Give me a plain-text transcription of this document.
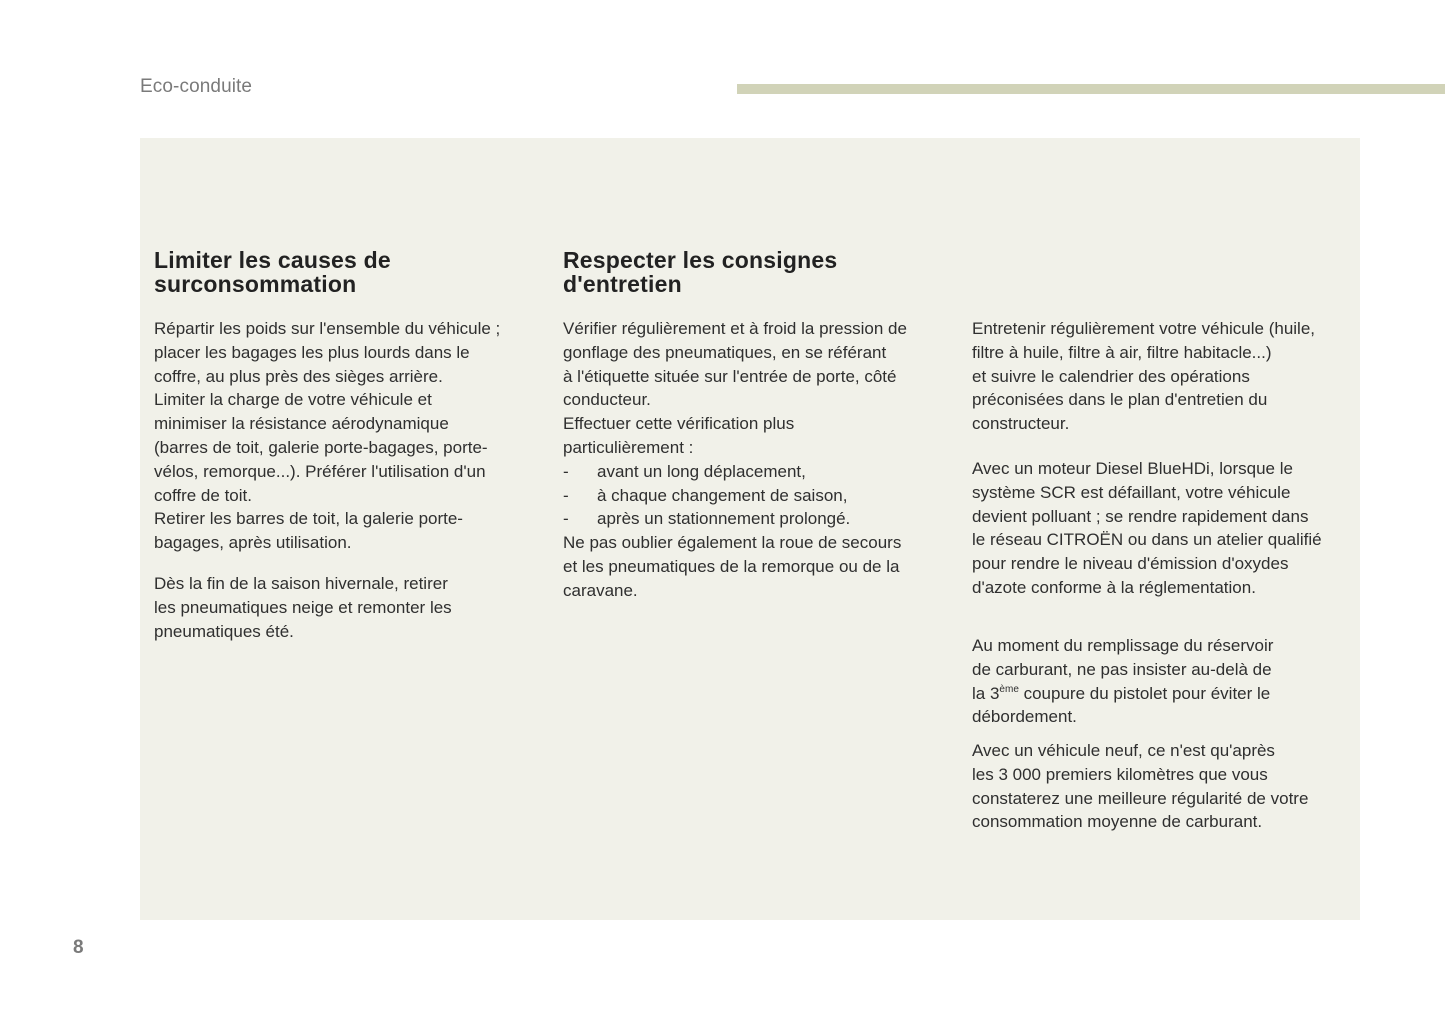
Eco-conduite
Limiter les causes de
surconsommation

Répartir les poids sur l'ensemble du véhicule ;

placer les bagages les plus lourds dans le

coffre, au plus près des sièges arrière.

Limiter la charge de votre véhicule et

minimiser la résistance aérodynamique

(barres de toit, galerie porte-bagages, porte-

vélos, remorque...). Préférer l'utilisation d'un

coffre de toit.

Retirer les barres de toit, la galerie porte-

bagages, après utilisation.

Dès la fin de la saison hivernale, retirer

les pneumatiques neige et remonter les

pneumatiques été.

Respecter les consignes
d'entretien

Vérifier régulièrement et à froid la pression de

gonflage des pneumatiques, en se référant

à l'étiquette située sur l'entrée de porte, côté

conducteur.

Effectuer cette vérification plus

particulièrement :

-	avant un long déplacement,
-	à chaque changement de saison,
-	après un stationnement prolongé.

Ne pas oublier également la roue de secours

et les pneumatiques de la remorque ou de la

caravane.

Entretenir régulièrement votre véhicule (huile,

filtre à huile, filtre à air, filtre habitacle...)

et suivre le calendrier des opérations

préconisées dans le plan d'entretien du

constructeur.

Avec un moteur Diesel BlueHDi, lorsque le

système SCR est défaillant, votre véhicule

devient polluant ; se rendre rapidement dans

le réseau CITROËN ou dans un atelier qualifié

pour rendre le niveau d'émission d'oxydes

d'azote conforme à la réglementation.

Au moment du remplissage du réservoir

de carburant, ne pas insister au-delà de

la 3ème coupure du pistolet pour éviter le

débordement.

Avec un véhicule neuf, ce n'est qu'après

les 3 000 premiers kilomètres que vous

constaterez une meilleure régularité de votre

consommation moyenne de carburant.

8
